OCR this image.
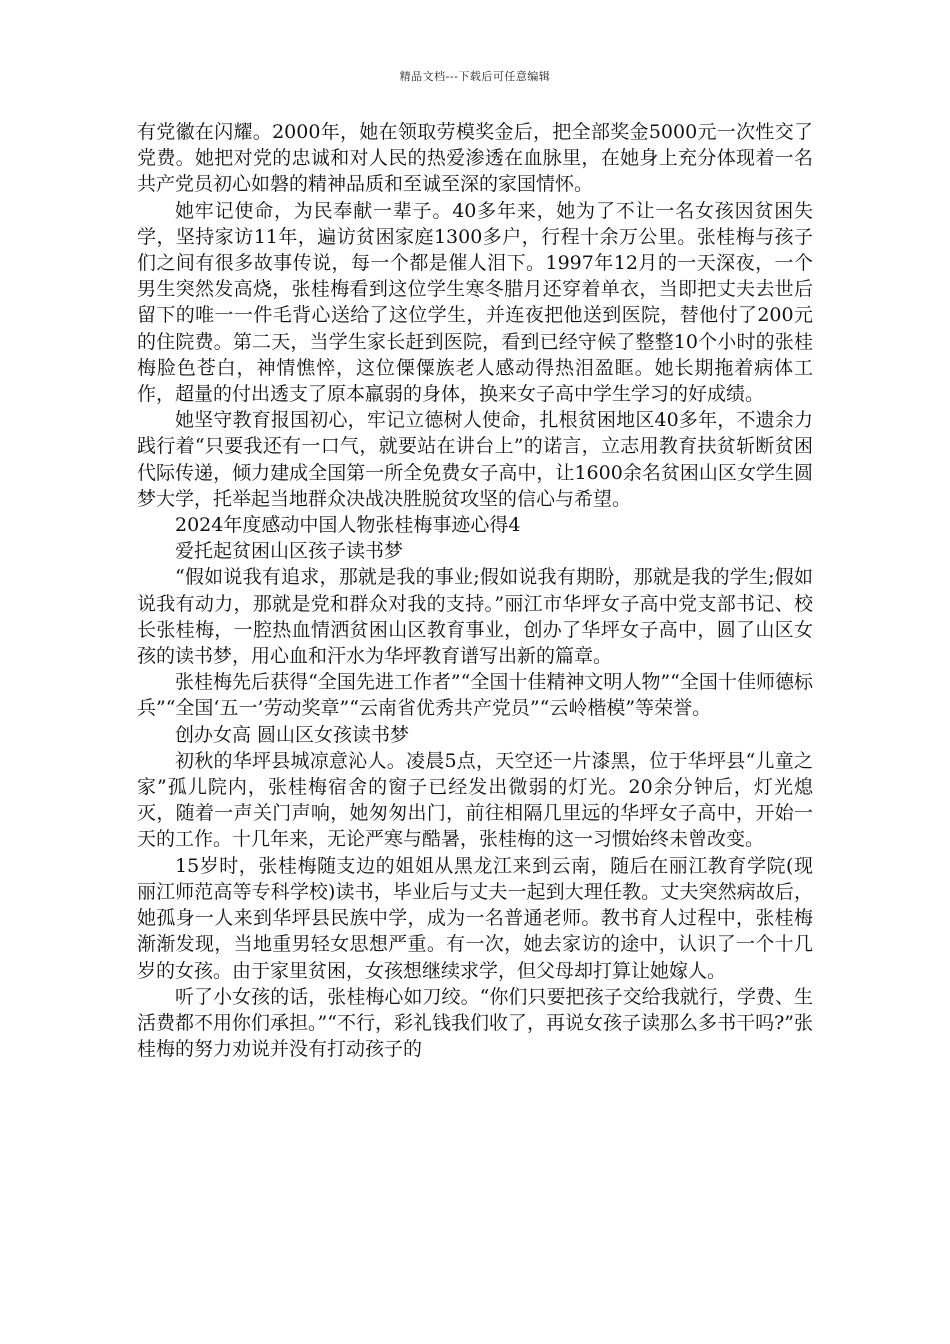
精品文档---下载后可任意编辑

有党徽在闪耀。2000年，她在领取劳模奖金后，把全部奖金5000元一次性交了党费。她把对党的忠诚和对人民的热爱渗透在血脉里，在她身上充分体现着一名共产党员初心如磐的精神品质和至诚至深的家国情怀。

她牢记使命，为民奉献一辈子。40多年来，她为了不让一名女孩因贫困失学，坚持家访11年，遍访贫困家庭1300多户，行程十余万公里。张桂梅与孩子们之间有很多故事传说，每一个都是催人泪下。1997年12月的一天深夜，一个男生突然发高烧，张桂梅看到这位学生寒冬腊月还穿着单衣，当即把丈夫去世后留下的唯一一件毛背心送给了这位学生，并连夜把他送到医院，替他付了200元的住院费。第二天，当学生家长赶到医院，看到已经守候了整整10个小时的张桂梅脸色苍白，神情憔悴，这位傈僳族老人感动得热泪盈眶。她长期拖着病体工作，超量的付出透支了原本羸弱的身体，换来女子高中学生学习的好成绩。

她坚守教育报国初心，牢记立德树人使命，扎根贫困地区40多年，不遗余力践行着“只要我还有一口气，就要站在讲台上”的诺言，立志用教育扶贫斩断贫困代际传递，倾力建成全国第一所全免费女子高中，让1600余名贫困山区女学生圆梦大学，托举起当地群众决战决胜脱贫攻坚的信心与希望。

2024年度感动中国人物张桂梅事迹心得4

爱托起贫困山区孩子读书梦

“假如说我有追求，那就是我的事业;假如说我有期盼，那就是我的学生;假如说我有动力，那就是党和群众对我的支持。”丽江市华坪女子高中党支部书记、校长张桂梅，一腔热血情洒贫困山区教育事业，创办了华坪女子高中，圆了山区女孩的读书梦，用心血和汗水为华坪教育谱写出新的篇章。

张桂梅先后获得“全国先进工作者”“全国十佳精神文明人物”“全国十佳师德标兵”“全国‘五一’劳动奖章”“云南省优秀共产党员”“云岭楷模”等荣誉。

创办女高 圆山区女孩读书梦

初秋的华坪县城凉意沁人。凌晨5点，天空还一片漆黑，位于华坪县“儿童之家”孤儿院内，张桂梅宿舍的窗子已经发出微弱的灯光。20余分钟后，灯光熄灭，随着一声关门声响，她匆匆出门，前往相隔几里远的华坪女子高中，开始一天的工作。十几年来，无论严寒与酷暑，张桂梅的这一习惯始终未曾改变。

15岁时，张桂梅随支边的姐姐从黑龙江来到云南，随后在丽江教育学院(现丽江师范高等专科学校)读书，毕业后与丈夫一起到大理任教。丈夫突然病故后，她孤身一人来到华坪县民族中学，成为一名普通老师。教书育人过程中，张桂梅渐渐发现，当地重男轻女思想严重。有一次，她去家访的途中，认识了一个十几岁的女孩。由于家里贫困，女孩想继续求学，但父母却打算让她嫁人。

听了小女孩的话，张桂梅心如刀绞。“你们只要把孩子交给我就行，学费、生活费都不用你们承担。”“不行，彩礼钱我们收了，再说女孩子读那么多书干吗?”张桂梅的努力劝说并没有打动孩子的
